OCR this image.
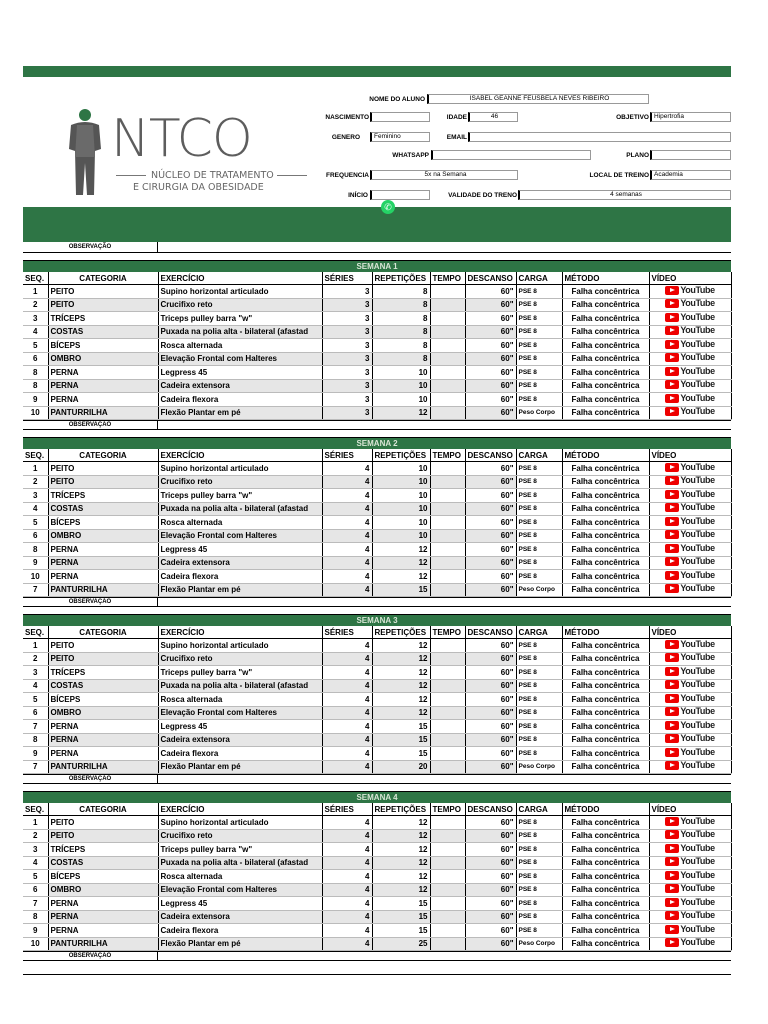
NTCO
NÚCLEO DE TRATAMENTO
E CIRURGIA DA OBESIDADE
NOME DO ALUNO	ISABEL GEANNE FEUSBELA NEVES RIBEIRO
NASCIMENTO	IDADE	46	OBJETIVO Hipertrofia
GENERO	Feminino	EMAIL
WHATSAPP	PLANO
FREQUENCIA	5x na Semana	LOCAL DE TREINO Academia
INÍCIO	VALIDADE DO TRENO	4 semanas
✆
OBSERVAÇÃO
SEMANA 1
SEQ.	CATEGORIA	EXERCÍCIO	SÉRIES	REPETIÇÕES	TEMPO	DESCANSO	CARGA	MÉTODO	VÍDEO
1	PEITO	Supino horizontal articulado	3	8		60"	PSE 8	Falha concêntrica	YouTube

2	PEITO	Crucifixo reto	3	8		60"	PSE 8	Falha concêntrica	YouTube

3	TRÍCEPS	Triceps pulley barra "w"	3	8		60"	PSE 8	Falha concêntrica	YouTube

4	COSTAS	Puxada na polia alta - bilateral (afastad	3	8		60"	PSE 8	Falha concêntrica	YouTube

5	BÍCEPS	Rosca alternada	3	8		60"	PSE 8	Falha concêntrica	YouTube

6	OMBRO	Elevação Frontal com Halteres	3	8		60"	PSE 8	Falha concêntrica	YouTube

8	PERNA	Legpress 45	3	10		60"	PSE 8	Falha concêntrica	YouTube

8	PERNA	Cadeira extensora	3	10		60"	PSE 8	Falha concêntrica	YouTube

9	PERNA	Cadeira flexora	3	10		60"	PSE 8	Falha concêntrica	YouTube

10	PANTURRILHA	Flexão Plantar em pé	3	12		60"	Peso Corpo	Falha concêntrica	YouTube
OBSERVAÇÃO
SEMANA 2
SEQ.	CATEGORIA	EXERCÍCIO	SÉRIES	REPETIÇÕES	TEMPO	DESCANSO	CARGA	MÉTODO	VÍDEO
1	PEITO	Supino horizontal articulado	4	10		60"	PSE 8	Falha concêntrica	YouTube

2	PEITO	Crucifixo reto	4	10		60"	PSE 8	Falha concêntrica	YouTube

3	TRÍCEPS	Triceps pulley barra "w"	4	10		60"	PSE 8	Falha concêntrica	YouTube

4	COSTAS	Puxada na polia alta - bilateral (afastad	4	10		60"	PSE 8	Falha concêntrica	YouTube

5	BÍCEPS	Rosca alternada	4	10		60"	PSE 8	Falha concêntrica	YouTube

6	OMBRO	Elevação Frontal com Halteres	4	10		60"	PSE 8	Falha concêntrica	YouTube

8	PERNA	Legpress 45	4	12		60"	PSE 8	Falha concêntrica	YouTube

9	PERNA	Cadeira extensora	4	12		60"	PSE 8	Falha concêntrica	YouTube

10	PERNA	Cadeira flexora	4	12		60"	PSE 8	Falha concêntrica	YouTube

7	PANTURRILHA	Flexão Plantar em pé	4	15		60"	Peso Corpo	Falha concêntrica	YouTube
OBSERVAÇÃO
SEMANA 3
SEQ.	CATEGORIA	EXERCÍCIO	SÉRIES	REPETIÇÕES	TEMPO	DESCANSO	CARGA	MÉTODO	VÍDEO
1	PEITO	Supino horizontal articulado	4	12		60"	PSE 8	Falha concêntrica	YouTube

2	PEITO	Crucifixo reto	4	12		60"	PSE 8	Falha concêntrica	YouTube

3	TRÍCEPS	Triceps pulley barra "w"	4	12		60"	PSE 8	Falha concêntrica	YouTube

4	COSTAS	Puxada na polia alta - bilateral (afastad	4	12		60"	PSE 8	Falha concêntrica	YouTube

5	BÍCEPS	Rosca alternada	4	12		60"	PSE 8	Falha concêntrica	YouTube

6	OMBRO	Elevação Frontal com Halteres	4	12		60"	PSE 8	Falha concêntrica	YouTube

7	PERNA	Legpress 45	4	15		60"	PSE 8	Falha concêntrica	YouTube

8	PERNA	Cadeira extensora	4	15		60"	PSE 8	Falha concêntrica	YouTube

9	PERNA	Cadeira flexora	4	15		60"	PSE 8	Falha concêntrica	YouTube

7	PANTURRILHA	Flexão Plantar em pé	4	20		60"	Peso Corpo	Falha concêntrica	YouTube
OBSERVAÇÃO
SEMANA 4
SEQ.	CATEGORIA	EXERCÍCIO	SÉRIES	REPETIÇÕES	TEMPO	DESCANSO	CARGA	MÉTODO	VÍDEO
1	PEITO	Supino horizontal articulado	4	12		60"	PSE 8	Falha concêntrica	YouTube

2	PEITO	Crucifixo reto	4	12		60"	PSE 8	Falha concêntrica	YouTube

3	TRÍCEPS	Triceps pulley barra "w"	4	12		60"	PSE 8	Falha concêntrica	YouTube

4	COSTAS	Puxada na polia alta - bilateral (afastad	4	12		60"	PSE 8	Falha concêntrica	YouTube

5	BÍCEPS	Rosca alternada	4	12		60"	PSE 8	Falha concêntrica	YouTube

6	OMBRO	Elevação Frontal com Halteres	4	12		60"	PSE 8	Falha concêntrica	YouTube

7	PERNA	Legpress 45	4	15		60"	PSE 8	Falha concêntrica	YouTube

8	PERNA	Cadeira extensora	4	15		60"	PSE 8	Falha concêntrica	YouTube

9	PERNA	Cadeira flexora	4	15		60"	PSE 8	Falha concêntrica	YouTube

10	PANTURRILHA	Flexão Plantar em pé	4	25		60"	Peso Corpo	Falha concêntrica	YouTube
OBSERVAÇÃO
